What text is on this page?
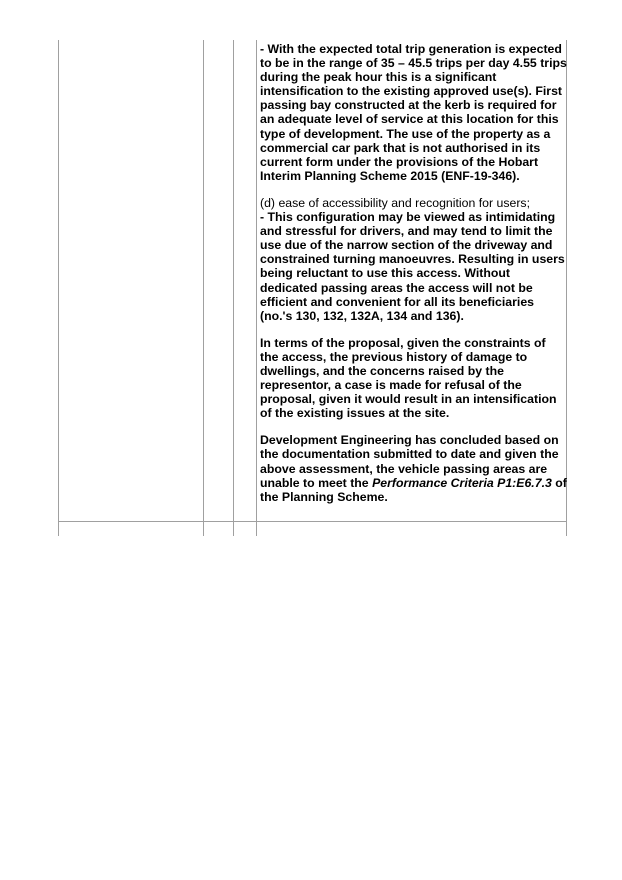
- With the expected total trip generation is expected to be in the range of 35 – 45.5 trips per day 4.55 trips during the peak hour this is a significant intensification to the existing approved use(s). First passing bay constructed at the kerb is required for an adequate level of service at this location for this type of development. The use of the property as a commercial car park that is not authorised in its current form under the provisions of the Hobart Interim Planning Scheme 2015 (ENF-19-346).

(d) ease of accessibility and recognition for users;
- This configuration may be viewed as intimidating and stressful for drivers, and may tend to limit the use due of the narrow section of the driveway and constrained turning manoeuvres. Resulting in users being reluctant to use this access. Without dedicated passing areas the access will not be efficient and convenient for all its beneficiaries (no.'s 130, 132, 132A, 134 and 136).

In terms of the proposal, given the constraints of the access, the previous history of damage to dwellings, and the concerns raised by the representor, a case is made for refusal of the proposal, given it would result in an intensification of the existing issues at the site.

Development Engineering has concluded based on the documentation submitted to date and given the above assessment, the vehicle passing areas are unable to meet the Performance Criteria P1:E6.7.3 of the Planning Scheme.
